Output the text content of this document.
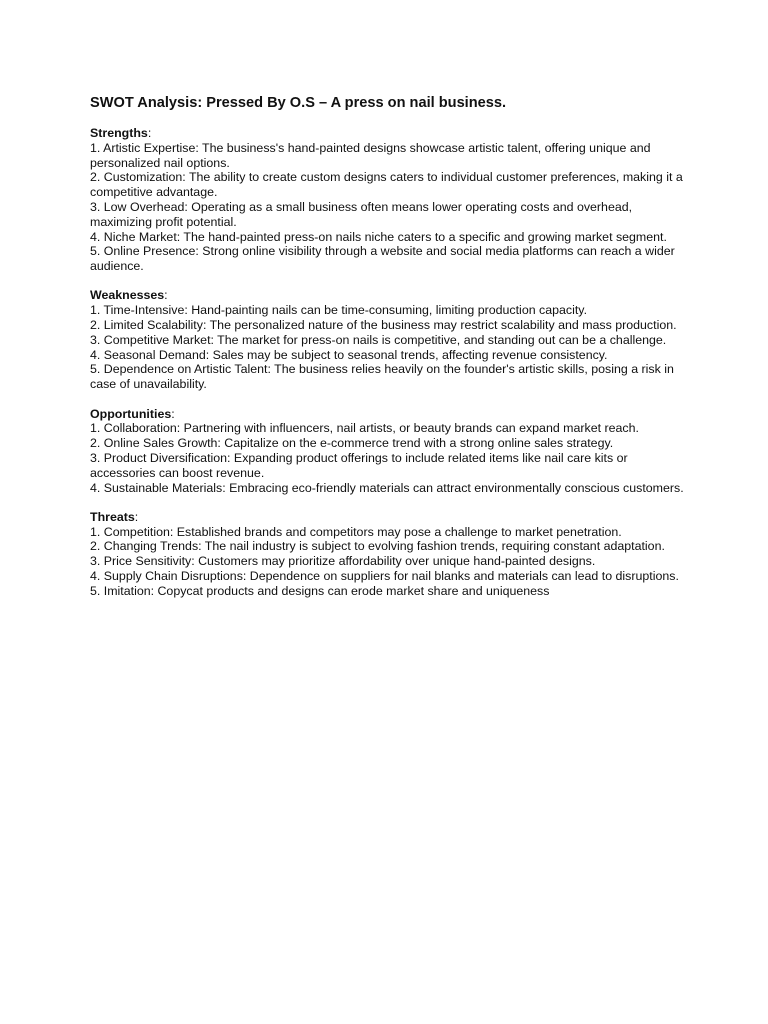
SWOT Analysis: Pressed By O.S – A press on nail business.

Strengths:

1. Artistic Expertise: The business's hand-painted designs showcase artistic talent, offering unique and personalized nail options.
2. Customization: The ability to create custom designs caters to individual customer preferences, making it a competitive advantage.
3. Low Overhead: Operating as a small business often means lower operating costs and overhead, maximizing profit potential.
4. Niche Market: The hand-painted press-on nails niche caters to a specific and growing market segment.
5. Online Presence: Strong online visibility through a website and social media platforms can reach a wider audience.

Weaknesses:

1. Time-Intensive: Hand-painting nails can be time-consuming, limiting production capacity.
2. Limited Scalability: The personalized nature of the business may restrict scalability and mass production.
3. Competitive Market: The market for press-on nails is competitive, and standing out can be a challenge.
4. Seasonal Demand: Sales may be subject to seasonal trends, affecting revenue consistency.
5. Dependence on Artistic Talent: The business relies heavily on the founder's artistic skills, posing a risk in case of unavailability.

Opportunities:

1. Collaboration: Partnering with influencers, nail artists, or beauty brands can expand market reach.
2. Online Sales Growth: Capitalize on the e-commerce trend with a strong online sales strategy.
3. Product Diversification: Expanding product offerings to include related items like nail care kits or accessories can boost revenue.
4. Sustainable Materials: Embracing eco-friendly materials can attract environmentally conscious customers.

Threats:

1. Competition: Established brands and competitors may pose a challenge to market penetration.
2. Changing Trends: The nail industry is subject to evolving fashion trends, requiring constant adaptation.
3. Price Sensitivity: Customers may prioritize affordability over unique hand-painted designs.
4. Supply Chain Disruptions: Dependence on suppliers for nail blanks and materials can lead to disruptions.
5. Imitation: Copycat products and designs can erode market share and uniqueness
